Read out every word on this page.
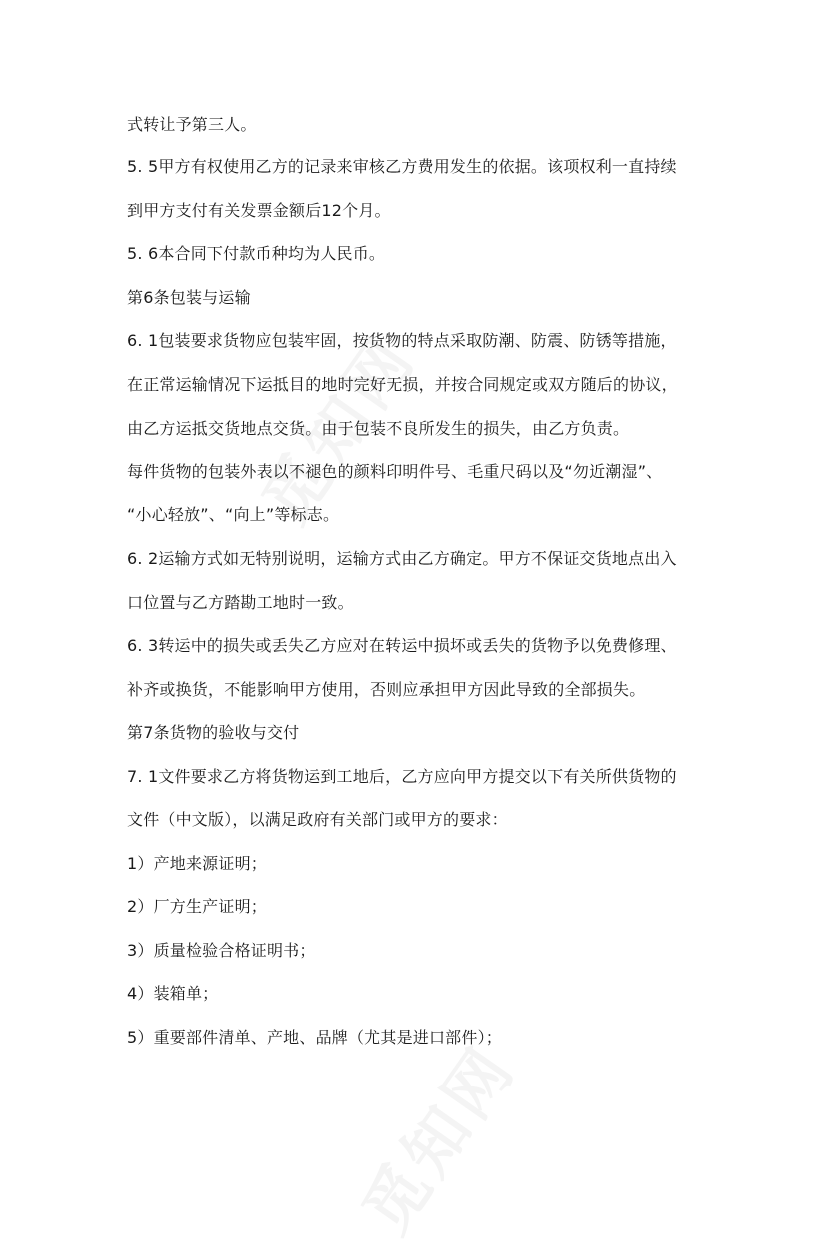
式转让予第三人。
5. 5甲方有权使用乙方的记录来审核乙方费用发生的依据。该项权利一直持续
到甲方支付有关发票金额后12个月。
5. 6本合同下付款币种均为人民币。
第6条包装与运输
6. 1包装要求货物应包装牢固，按货物的特点采取防潮、防震、防锈等措施，
在正常运输情况下运抵目的地时完好无损，并按合同规定或双方随后的协议，
由乙方运抵交货地点交货。由于包装不良所发生的损失，由乙方负责。
每件货物的包装外表以不褪色的颜料印明件号、毛重尺码以及“勿近潮湿”、
“小心轻放”、“向上”等标志。
6. 2运输方式如无特别说明，运输方式由乙方确定。甲方不保证交货地点出入
口位置与乙方踏勘工地时一致。
6. 3转运中的损失或丢失乙方应对在转运中损坏或丢失的货物予以免费修理、
补齐或换货，不能影响甲方使用，否则应承担甲方因此导致的全部损失。
第7条货物的验收与交付
7. 1文件要求乙方将货物运到工地后，乙方应向甲方提交以下有关所供货物的
文件（中文版），以满足政府有关部门或甲方的要求：
1）产地来源证明；
2）厂方生产证明；
3）质量检验合格证明书；
4）装箱单；
5）重要部件清单、产地、品牌（尤其是进口部件）；
